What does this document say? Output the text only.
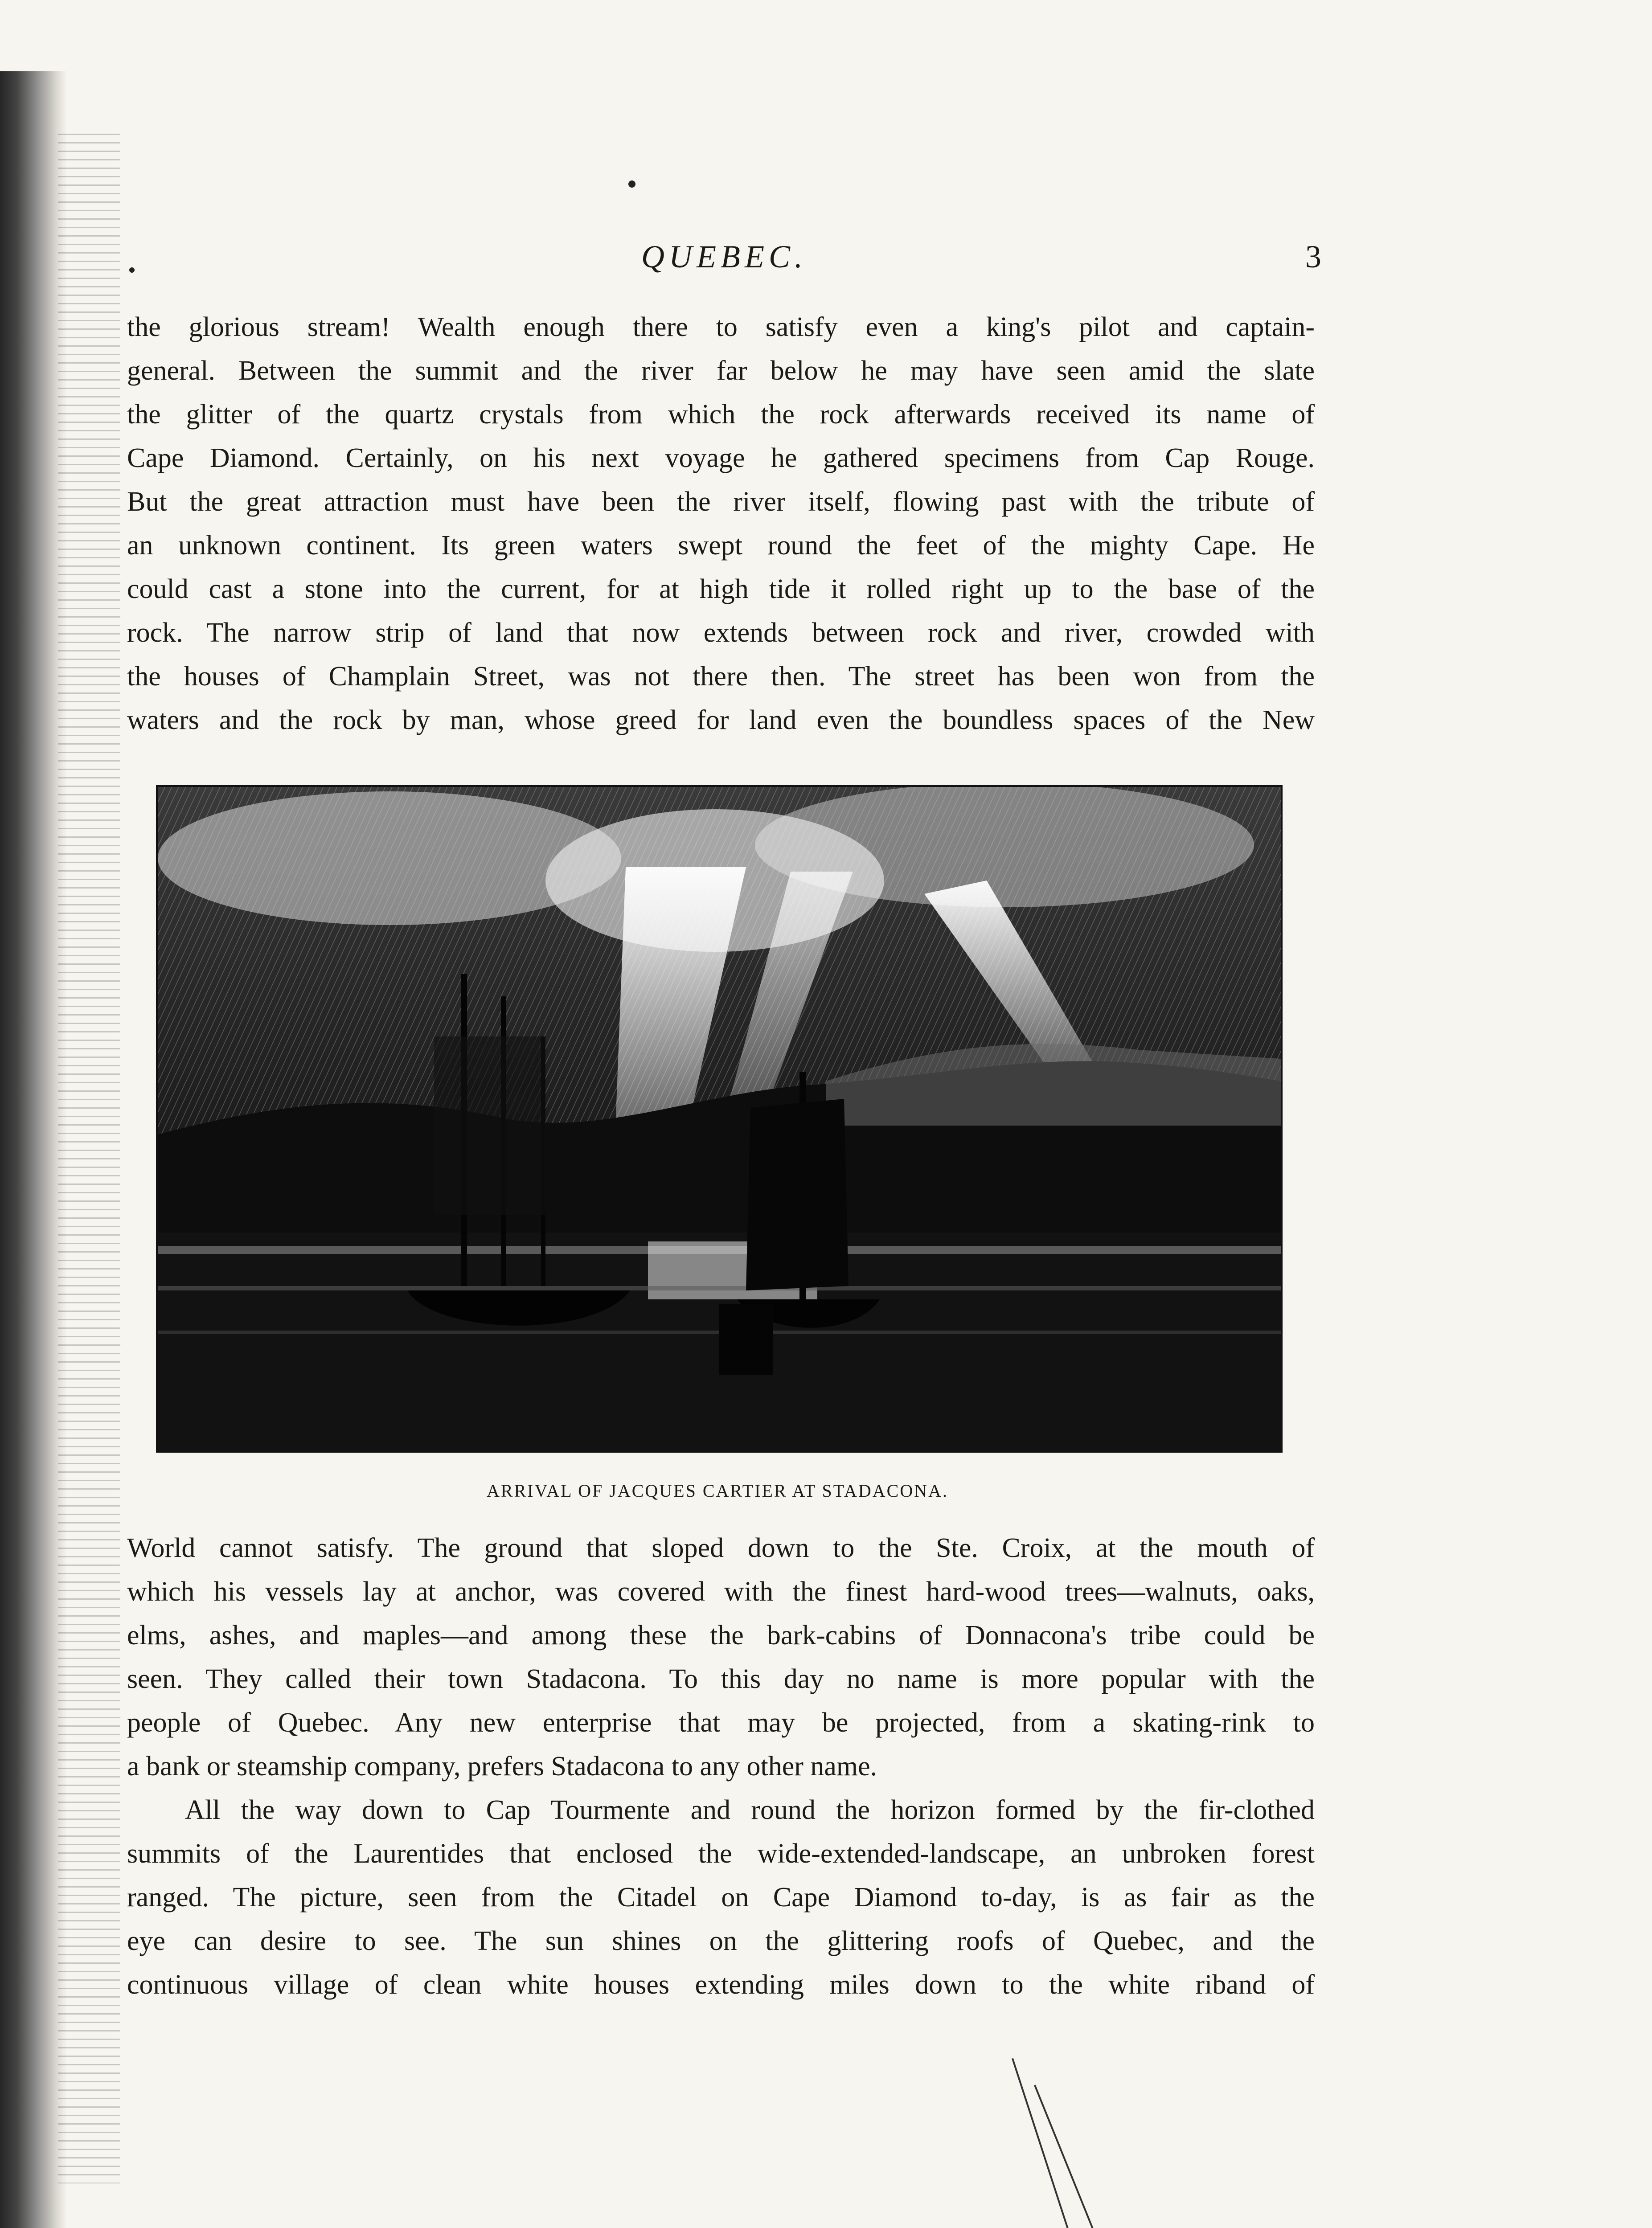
QUEBEC.	3
the glorious stream! Wealth enough there to satisfy even a king's pilot and captain-
general. Between the summit and the river far below he may have seen amid the slate
the glitter of the quartz crystals from which the rock afterwards received its name of
Cape Diamond. Certainly, on his next voyage he gathered specimens from Cap Rouge.
But the great attraction must have been the river itself, flowing past with the tribute of
an unknown continent. Its green waters swept round the feet of the mighty Cape. He
could cast a stone into the current, for at high tide it rolled right up to the base of the
rock. The narrow strip of land that now extends between rock and river, crowded with
the houses of Champlain Street, was not there then. The street has been won from the
waters and the rock by man, whose greed for land even the boundless spaces of the New
ARRIVAL OF JACQUES CARTIER AT STADACONA.
World cannot satisfy. The ground that sloped down to the Ste. Croix, at the mouth of
which his vessels lay at anchor, was covered with the finest hard-wood trees—walnuts, oaks,
elms, ashes, and maples—and among these the bark-cabins of Donnacona's tribe could be
seen. They called their town Stadacona. To this day no name is more popular with the
people of Quebec. Any new enterprise that may be projected, from a skating-rink to
a bank or steamship company, prefers Stadacona to any other name.
All the way down to Cap Tourmente and round the horizon formed by the fir-clothed
summits of the Laurentides that enclosed the wide-extended-landscape, an unbroken forest
ranged. The picture, seen from the Citadel on Cape Diamond to-day, is as fair as the
eye can desire to see. The sun shines on the glittering roofs of Quebec, and the
continuous village of clean white houses extending miles down to the white riband of
